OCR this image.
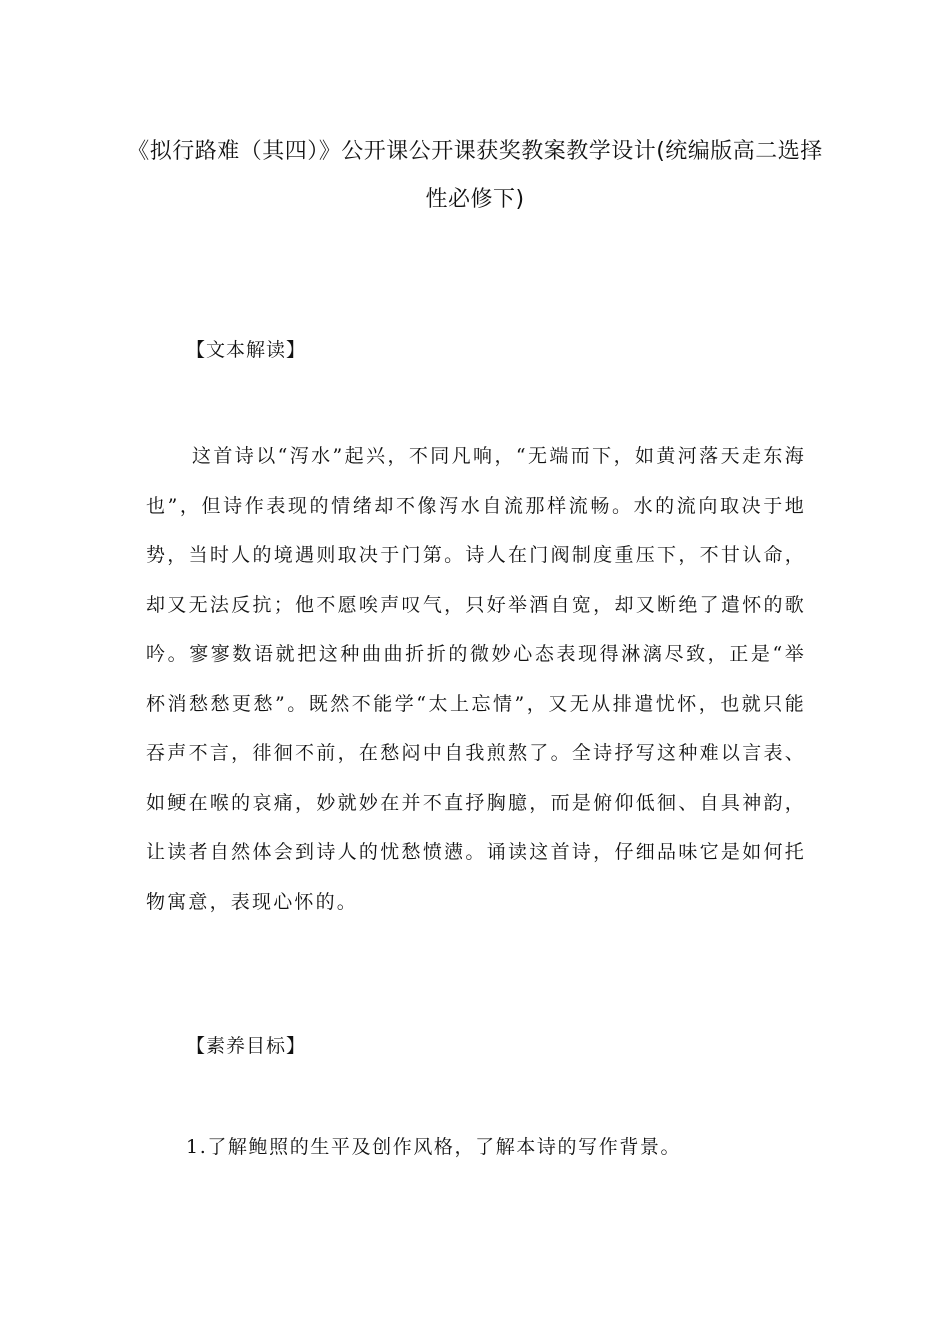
《拟行路难（其四）》公开课公开课获奖教案教学设计(统编版高二选择性必修下)

【文本解读】

这首诗以“泻水”起兴，不同凡响，“无端而下，如黄河落天走东海也”，但诗作表现的情绪却不像泻水自流那样流畅。水的流向取决于地势，当时人的境遇则取决于门第。诗人在门阀制度重压下，不甘认命，却又无法反抗；他不愿唉声叹气，只好举酒自宽，却又断绝了遣怀的歌吟。寥寥数语就把这种曲曲折折的微妙心态表现得淋漓尽致，正是“举杯消愁愁更愁”。既然不能学“太上忘情”，又无从排遣忧怀，也就只能吞声不言，徘徊不前，在愁闷中自我煎熬了。全诗抒写这种难以言表、如鲠在喉的哀痛，妙就妙在并不直抒胸臆，而是俯仰低徊、自具神韵，让读者自然体会到诗人的忧愁愤懑。诵读这首诗，仔细品味它是如何托物寓意，表现心怀的。

【素养目标】

1.了解鲍照的生平及创作风格，了解本诗的写作背景。
